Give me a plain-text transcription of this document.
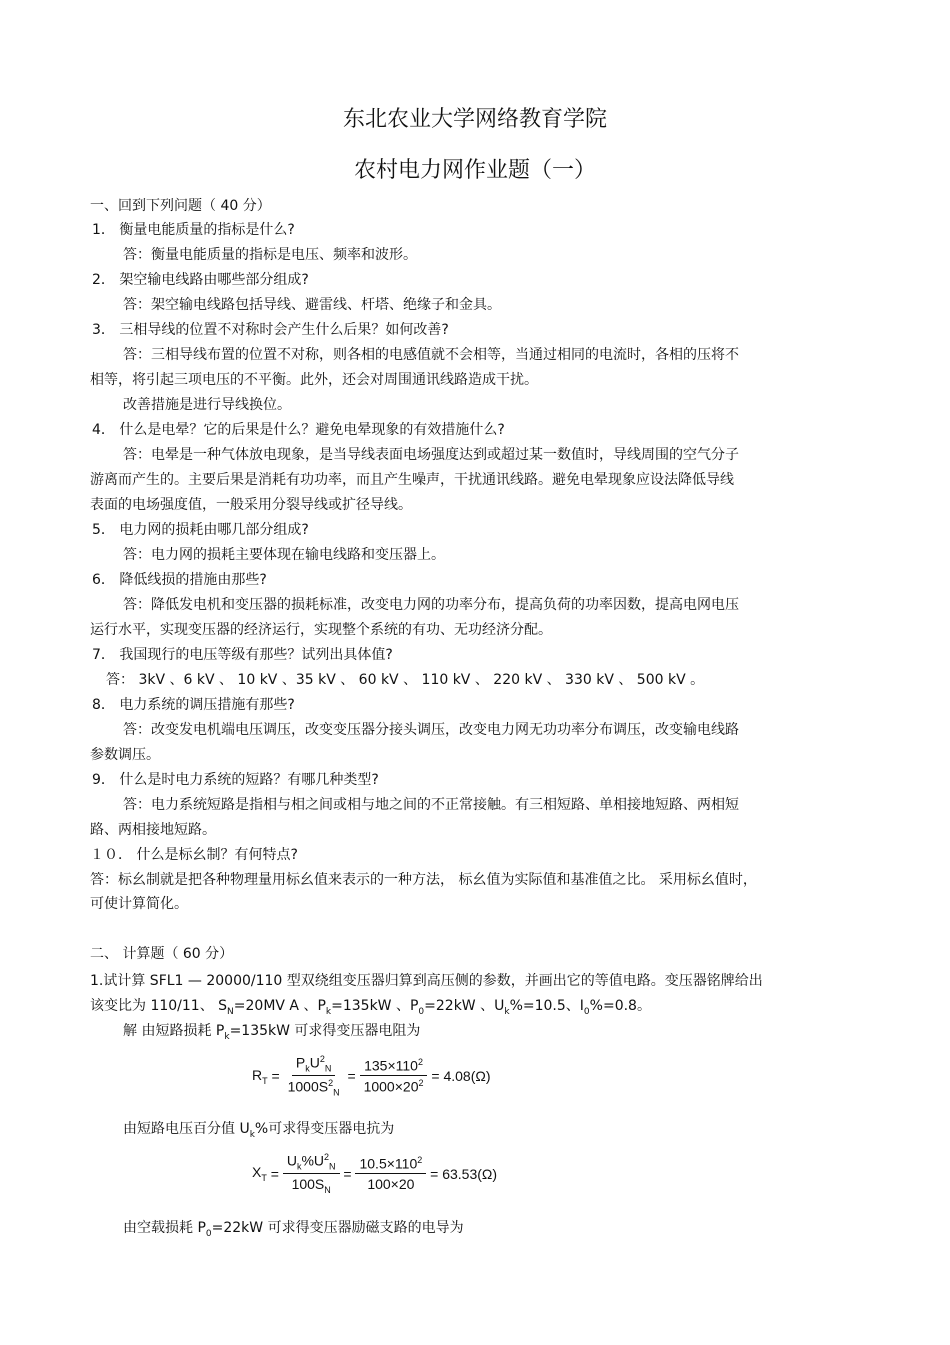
东北农业大学网络教育学院
农村电力网作业题（一）
一、回到下列问题（ 40 分）
1． 衡量电能质量的指标是什么?
答：衡量电能质量的指标是电压、频率和波形。
2． 架空输电线路由哪些部分组成?
答：架空输电线路包括导线、避雷线、杆塔、绝缘子和金具。
3． 三相导线的位置不对称时会产生什么后果？如何改善?
答：三相导线布置的位置不对称，则各相的电感值就不会相等，当通过相同的电流时，各相的压将不
相等，将引起三项电压的不平衡。此外，还会对周围通讯线路造成干扰。
改善措施是进行导线换位。
4． 什么是电晕？它的后果是什么？避免电晕现象的有效措施什么?
答：电晕是一种气体放电现象，是当导线表面电场强度达到或超过某一数值时，导线周围的空气分子
游离而产生的。主要后果是消耗有功功率，而且产生噪声，干扰通讯线路。避免电晕现象应设法降低导线
表面的电场强度值，一般采用分裂导线或扩径导线。
5． 电力网的损耗由哪几部分组成?
答：电力网的损耗主要体现在输电线路和变压器上。
6． 降低线损的措施由那些?
答：降低发电机和变压器的损耗标准，改变电力网的功率分布，提高负荷的功率因数，提高电网电压
运行水平，实现变压器的经济运行，实现整个系统的有功、无功经济分配。
7． 我国现行的电压等级有那些？试列出具体值?
答： 3kV 、6 kV 、 10 kV 、35 kV 、 60 kV 、 110 kV 、 220 kV 、 330 kV 、 500 kV 。
8． 电力系统的调压措施有那些?
答：改变发电机端电压调压，改变变压器分接头调压，改变电力网无功功率分布调压，改变输电线路
参数调压。
9． 什么是时电力系统的短路？有哪几种类型?
答：电力系统短路是指相与相之间或相与地之间的不正常接触。有三相短路、单相接地短路、两相短
路、两相接地短路。
１０． 什么是标幺制？有何特点?
答：标幺制就是把各种物理量用标幺值来表示的一种方法， 标幺值为实际值和基准值之比。 采用标幺值时，
可使计算简化。
二、 计算题（ 60 分）
1.试计算 SFL1 — 20000/110 型双绕组变压器归算到高压侧的参数，并画出它的等值电路。变压器铭牌给出
该变比为 110/11、 $S_N=20MV$ A 、$P_k=135kW$ 、$P_0=22kW$ 、$U_k\%=10.5$、$I_0\%=0.8$。
解 由短路损耗 $P_k=135kW$ 可求得变压器电阻为
$R_T = \frac{P_kU^2_N}{1000S^2_N} = \frac{135\times 110^2}{1000\times 20^2} = 4.08(\Omega)$
由短路电压百分值 $U_k\%$可求得变压器电抗为
$X_T = \frac{U_k\%U^2_N}{100S_N} = \frac{10.5\times 110^2}{100\times 20} = 63.53(\Omega)$
由空载损耗 $P_0=22kW$ 可求得变压器励磁支路的电导为
